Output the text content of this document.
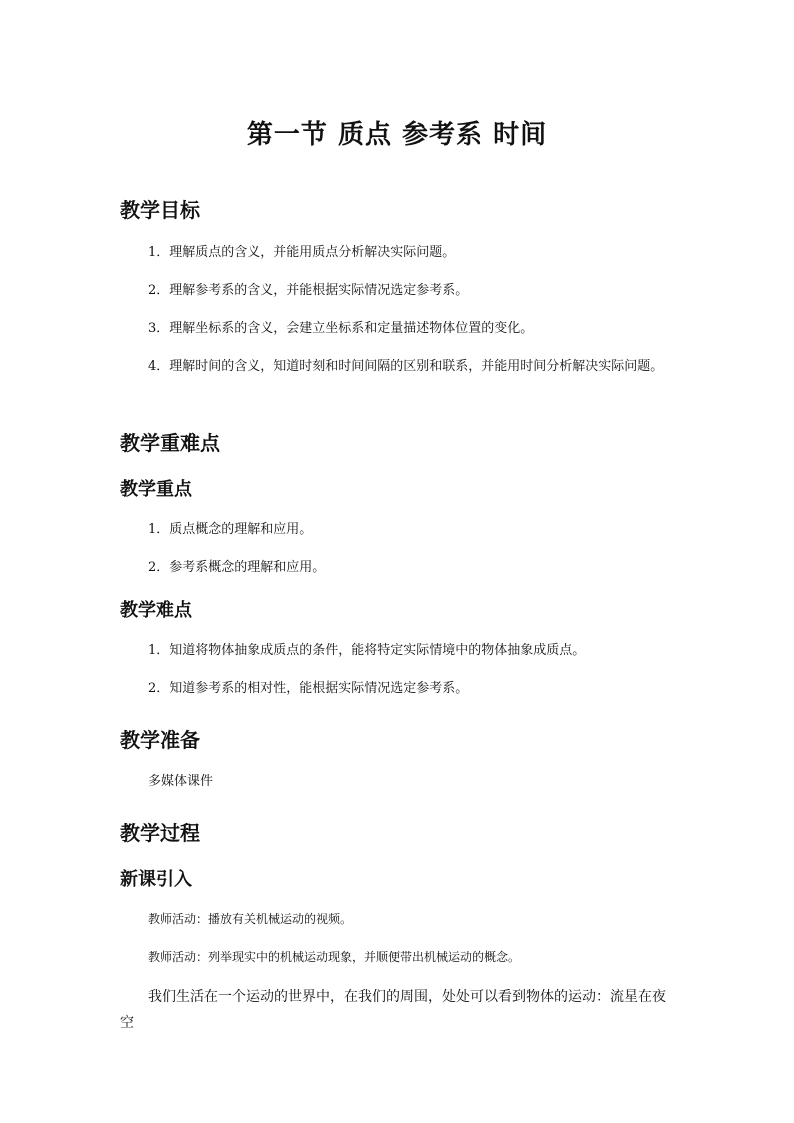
第一节 质点 参考系 时间
教学目标
1．理解质点的含义，并能用质点分析解决实际问题。
2．理解参考系的含义，并能根据实际情况选定参考系。
3．理解坐标系的含义，会建立坐标系和定量描述物体位置的变化。
4．理解时间的含义，知道时刻和时间间隔的区别和联系，并能用时间分析解决实际问题。
教学重难点
教学重点
1．质点概念的理解和应用。
2．参考系概念的理解和应用。
教学难点
1．知道将物体抽象成质点的条件，能将特定实际情境中的物体抽象成质点。
2．知道参考系的相对性，能根据实际情况选定参考系。
教学准备
多媒体课件
教学过程
新课引入
教师活动：播放有关机械运动的视频。
教师活动：列举现实中的机械运动现象，并顺便带出机械运动的概念。
我们生活在一个运动的世界中，在我们的周围，处处可以看到物体的运动：流星在夜空
